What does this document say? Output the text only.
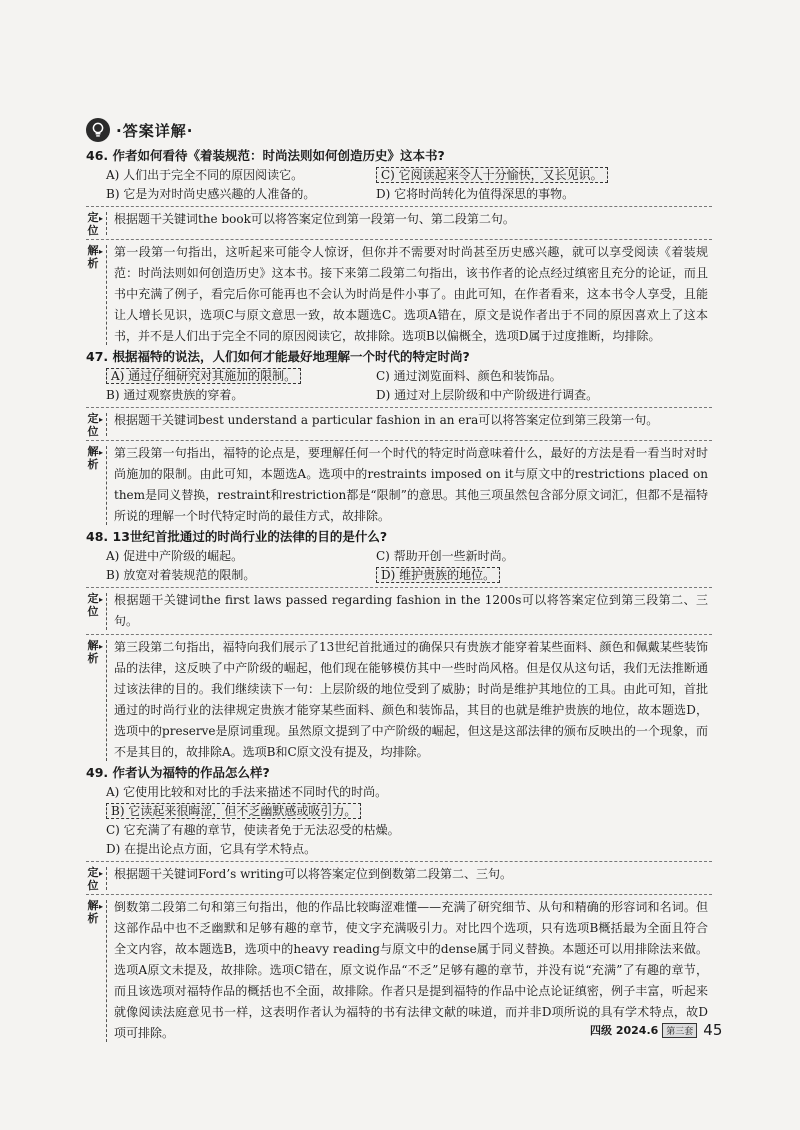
·答案详解·
46. 作者如何看待《着装规范：时尚法则如何创造历史》这本书?
A) 人们出于完全不同的原因阅读它。	C) 它阅读起来令人十分愉快，又长见识。
B) 它是为对时尚史感兴趣的人准备的。	D) 它将时尚转化为值得深思的事物。
定位
▸ 根据题干关键词the book可以将答案定位到第一段第一句、第二段第二句。
解析
▸ 第一段第一句指出，这听起来可能令人惊讶，但你并不需要对时尚甚至历史感兴趣，就可以享受阅读《着装规范：时尚法则如何创造历史》这本书。接下来第二段第二句指出，该书作者的论点经过缜密且充分的论证，而且书中充满了例子，看完后你可能再也不会认为时尚是件小事了。由此可知，在作者看来，这本书令人享受，且能让人增长见识，选项C与原文意思一致，故本题选C。选项A错在，原文是说作者出于不同的原因喜欢上了这本书，并不是人们出于完全不同的原因阅读它，故排除。选项B以偏概全，选项D属于过度推断，均排除。
47. 根据福特的说法，人们如何才能最好地理解一个时代的特定时尚?
A) 通过仔细研究对其施加的限制。	C) 通过浏览面料、颜色和装饰品。
B) 通过观察贵族的穿着。	D) 通过对上层阶级和中产阶级进行调查。
定位
▸ 根据题干关键词best understand a particular fashion in an era可以将答案定位到第三段第一句。
解析
▸ 第三段第一句指出，福特的论点是，要理解任何一个时代的特定时尚意味着什么，最好的方法是看一看当时对时尚施加的限制。由此可知，本题选A。选项中的restraints imposed on it与原文中的restrictions placed on them是同义替换，restraint和restriction都是“限制”的意思。其他三项虽然包含部分原文词汇，但都不是福特所说的理解一个时代特定时尚的最佳方式，故排除。
48. 13世纪首批通过的时尚行业的法律的目的是什么?
A) 促进中产阶级的崛起。	C) 帮助开创一些新时尚。
B) 放宽对着装规范的限制。	D) 维护贵族的地位。
定位
▸ 根据题干关键词the first laws passed regarding fashion in the 1200s可以将答案定位到第三段第二、三句。
解析
▸ 第三段第二句指出，福特向我们展示了13世纪首批通过的确保只有贵族才能穿着某些面料、颜色和佩戴某些装饰品的法律，这反映了中产阶级的崛起，他们现在能够模仿其中一些时尚风格。但是仅从这句话，我们无法推断通过该法律的目的。我们继续读下一句：上层阶级的地位受到了威胁；时尚是维护其地位的工具。由此可知，首批通过的时尚行业的法律规定贵族才能穿某些面料、颜色和装饰品，其目的也就是维护贵族的地位，故本题选D，选项中的preserve是原词重现。虽然原文提到了中产阶级的崛起，但这是这部法律的颁布反映出的一个现象，而不是其目的，故排除A。选项B和C原文没有提及，均排除。
49. 作者认为福特的作品怎么样?
A) 它使用比较和对比的手法来描述不同时代的时尚。
B) 它读起来很晦涩，但不乏幽默感或吸引力。
C) 它充满了有趣的章节，使读者免于无法忍受的枯燥。
D) 在提出论点方面，它具有学术特点。
定位
▸ 根据题干关键词Ford’s writing可以将答案定位到倒数第二段第二、三句。
解析
▸ 倒数第二段第二句和第三句指出，他的作品比较晦涩难懂——充满了研究细节、从句和精确的形容词和名词。但这部作品中也不乏幽默和足够有趣的章节，使文字充满吸引力。对比四个选项，只有选项B概括最为全面且符合全文内容，故本题选B，选项中的heavy reading与原文中的dense属于同义替换。本题还可以用排除法来做。选项A原文未提及，故排除。选项C错在，原文说作品“不乏”足够有趣的章节，并没有说“充满”了有趣的章节，而且该选项对福特作品的概括也不全面，故排除。作者只是提到福特的作品中论点论证缜密，例子丰富，听起来就像阅读法庭意见书一样，这表明作者认为福特的书有法律文献的味道，而并非D项所说的具有学术特点，故D项可排除。	四级 2024.6 第三套 45
